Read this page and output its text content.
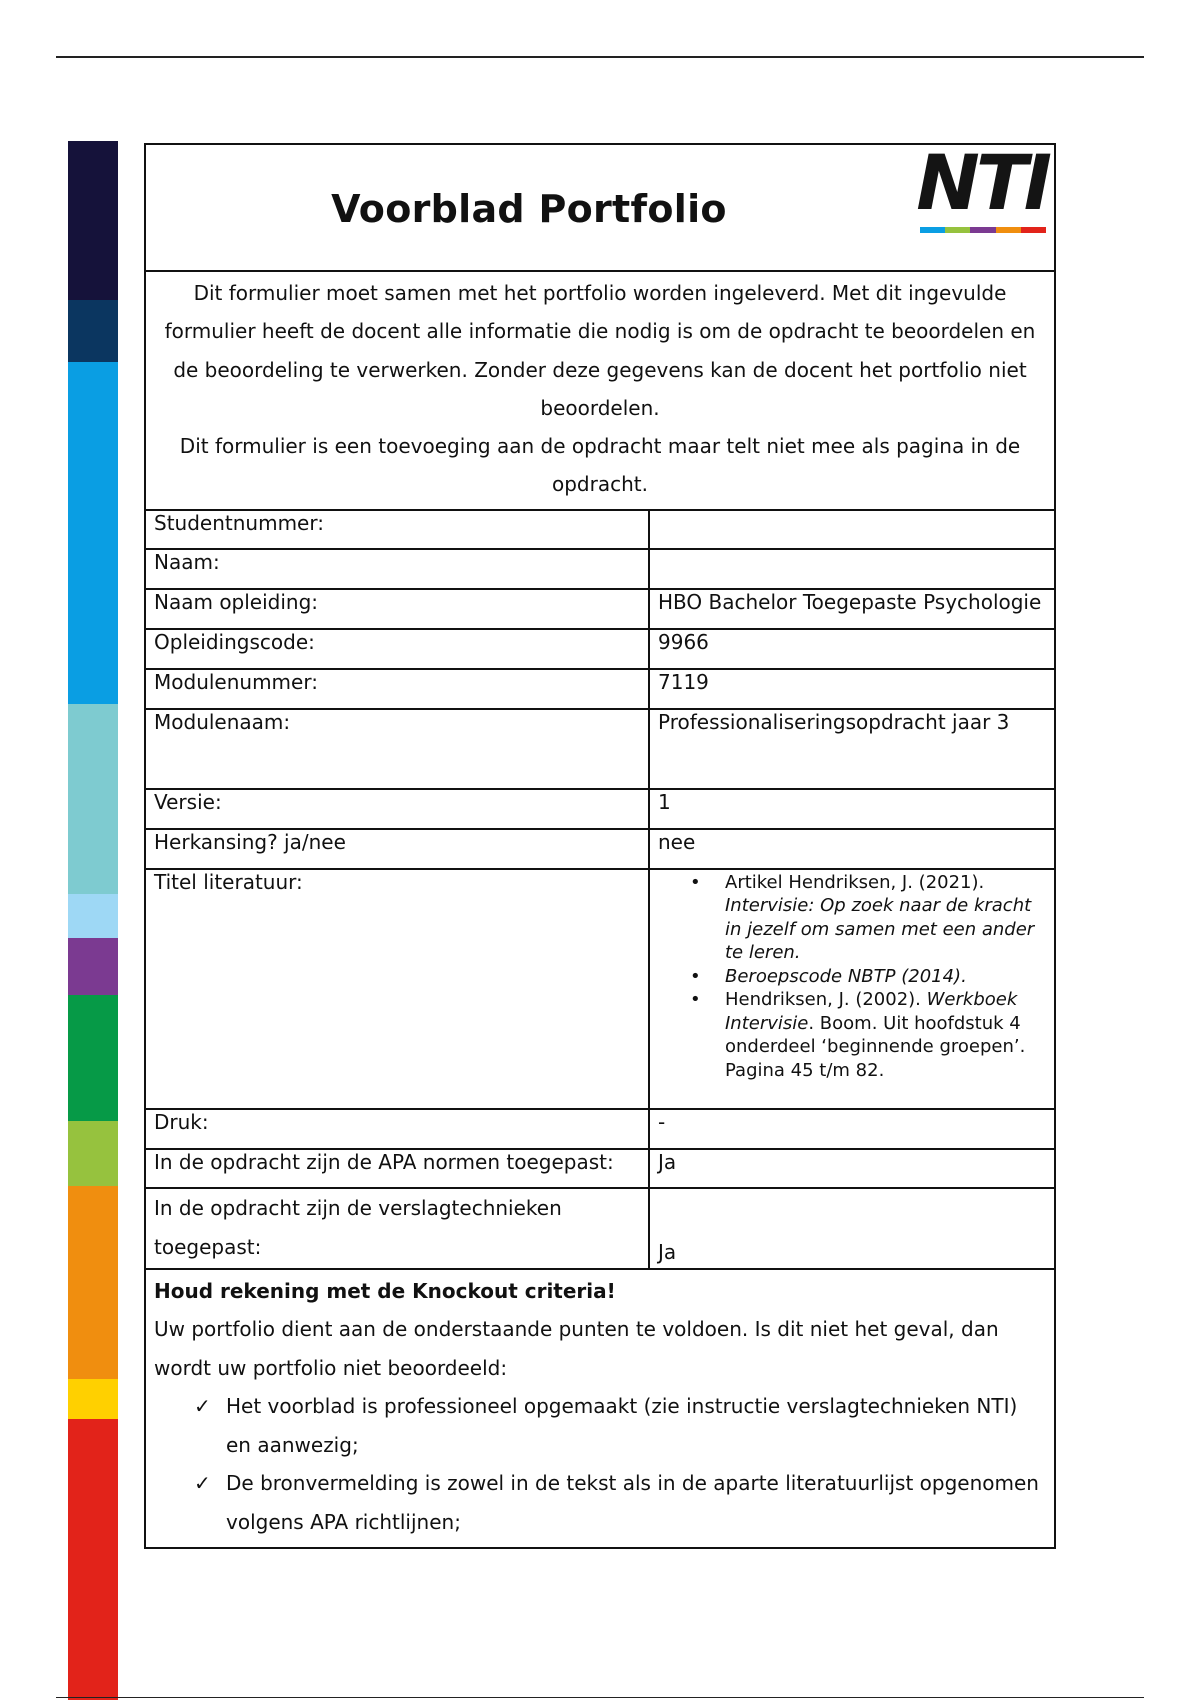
Voorblad Portfolio	NTI

Dit formulier moet samen met het portfolio worden ingeleverd. Met dit ingevulde formulier heeft de docent alle informatie die nodig is om de opdracht te beoordelen en de beoordeling te verwerken. Zonder deze gegevens kan de docent het portfolio niet beoordelen.

Dit formulier is een toevoeging aan de opdracht maar telt niet mee als pagina in de opdracht.

Studentnummer:
Naam:
Naam opleiding:	HBO Bachelor Toegepaste Psychologie
Opleidingscode:	9966
Modulenummer:	7119
Modulenaam:	Professionaliseringsopdracht jaar 3
Versie:	1
Herkansing? ja/nee	nee
Titel literatuur:	• Artikel Hendriksen, J. (2021). Intervisie: Op zoek naar de kracht in jezelf om samen met een ander te leren.
• Beroepscode NBTP (2014).
• Hendriksen, J. (2002). Werkboek Intervisie. Boom. Uit hoofdstuk 4 onderdeel ‘beginnende groepen’. Pagina 45 t/m 82.
Druk:	-
In de opdracht zijn de APA normen toegepast:	Ja
In de opdracht zijn de verslagtechnieken toegepast:	Ja
Houd rekening met de Knockout criteria!
Uw portfolio dient aan de onderstaande punten te voldoen. Is dit niet het geval, dan wordt uw portfolio niet beoordeeld:
✓ Het voorblad is professioneel opgemaakt (zie instructie verslagtechnieken NTI) en aanwezig;
✓ De bronvermelding is zowel in de tekst als in de aparte literatuurlijst opgenomen volgens APA richtlijnen;
